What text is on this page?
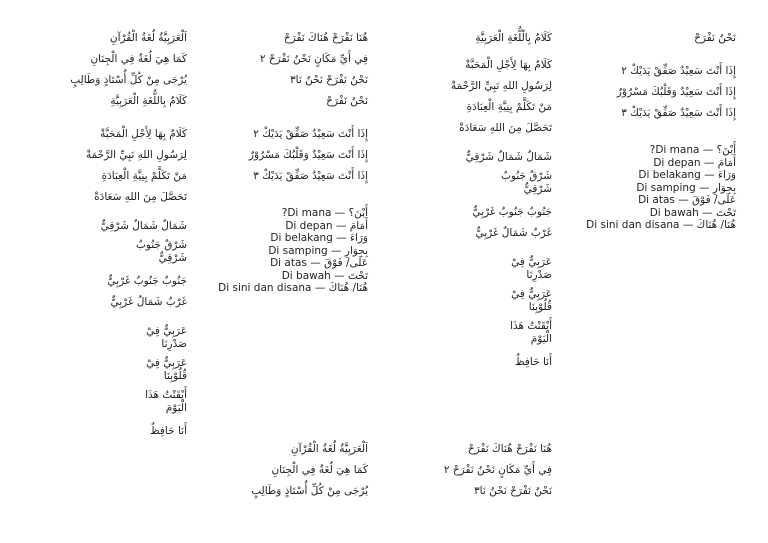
اَلْعَرَبِيَّةُ لُغَةُ الْقُرْآنِ
كَمَا هِيَ لُغَةٌ فِي الْجِنَانِ
يُرْجَى مِنْ كُلِّ أُسْتَاذٍ وَطَالِبٍ
كَلَامٌ بِاللُّغَةِ الْعَرَبِيَّةِ
كَلَامٌ بِهَا لِأَجْلِ الْمَحَبَّةْ
لِرَسُولِ اللهِ نَبِيِّ الرَّحْمَةْ
مَنْ تَكَلَّمْ بِنِيَّةِ الْعِبَادَةِ
تَحَصَّلَ مِنَ اللهِ سَعَادَةْ
شَمَالٌ شَمَالٌ شَرْقِيٌّ
شَرْقٌ جَنُوبٌ شَرْقِيٌّ
جَنُوبٌ جَنُوبٌ غَرْبِيٌّ
غَرْبٌ شَمَالٌ غَرْبِيٌّ
عَرَبِيٌّ فِيْ صَدْرِنَا
عَرَبِيٌّ فِيْ قُلُوْبِنَا
أَيْقَنْتُ هَذَا الْيَوْمَ
أَنَا حَافِظٌ
هُنَا نَفْرَحْ هُنَاكَ نَفْرَحْ
فِي أَيِّ مَكَانٍ نَحْنُ نَفْرَحْ ٢
نَحْنُ نَفْرَحْ نَحْنُ نَا٣
نَحْنُ نَفْرَحْ
إِذَا أَنْتَ سَعِيْدٌ صَفِّقْ يَدَيْكْ ٢
إِذَا أَنْتَ سَعِيْدٌ وَقَلْبُكَ مَسْرُوْرٌ
إِذَا أَنْتَ سَعِيْدٌ صَفِّقْ يَدَيْكْ ٣
أَيْنَ؟ — Di mana?
أَمَامَ — Di depan
وَرَاءَ — Di belakang
بِجِوَارِ — Di samping
عَلَى/ فَوْقَ — Di atas
تَحْتَ — Di bawah
هُنَا/ هُنَاكَ — Di sini dan disana
اَلْعَرَبِيَّةُ لُغَةُ الْقُرْآنِ
كَمَا هِيَ لُغَةٌ فِي الْجِنَانِ
يُرْجَى مِنْ كُلِّ أُسْتَاذٍ وَطَالِبٍ
كَلَامٌ بِالْلُّغَةِ الْعَرَبِيَّةِ
كَلَامٌ بِهَا لِأَجْلِ الْمَحَبَّةْ
لِرَسُولِ اللهِ نَبِيِّ الرَّحْمَةْ
مَنْ تَكَلَّمْ بِنِيَّةِ الْعِبَادَةِ
تَحَصَّلَ مِنَ اللهِ سَعَادَةْ
شَمَالٌ شَمَالٌ شَرْقِيٌّ
شَرْقٌ جَنُوبٌ شَرْقِيٌّ
جَنُوبٌ جَنُوبٌ غَرْبِيٌّ
غَرْبٌ شَمَالٌ غَرْبِيٌّ
عَرَبِيٌّ فِيْ صَدْرِنَا
عَرَبِيٌّ فِيْ قُلُوْبِنَا
أَيْقَنْتُ هَذَا الْيَوْمَ
أَنَا حَافِظٌ
هُنَا نَفْرَحْ هُنَاكَ نَفْرَحْ
فِي أَيِّ مَكَانٍ نَحْنُ نَفْرَحْ ٢
نَحْنُ نَفْرَحْ نَحْنُ نَا٣
نَحْنُ نَفْرَحْ
إِذَا أَنْتَ سَعِيْدٌ صَفِّقْ يَدَيْكْ ٢
إِذَا أَنْتَ سَعِيْدٌ وَقَلْبُكَ مَسْرُوْرٌ
إِذَا أَنْتَ سَعِيْدٌ صَفِّقْ يَدَيْكْ ٣
أَيْنَ؟ — Di mana?
أَمَامَ — Di depan
وَرَاءَ — Di belakang
بِجِوَارِ — Di samping
عَلَى/ فَوْقَ — Di atas
تَحْتَ — Di bawah
هُنَا/ هُنَاكَ — Di sini dan disana
